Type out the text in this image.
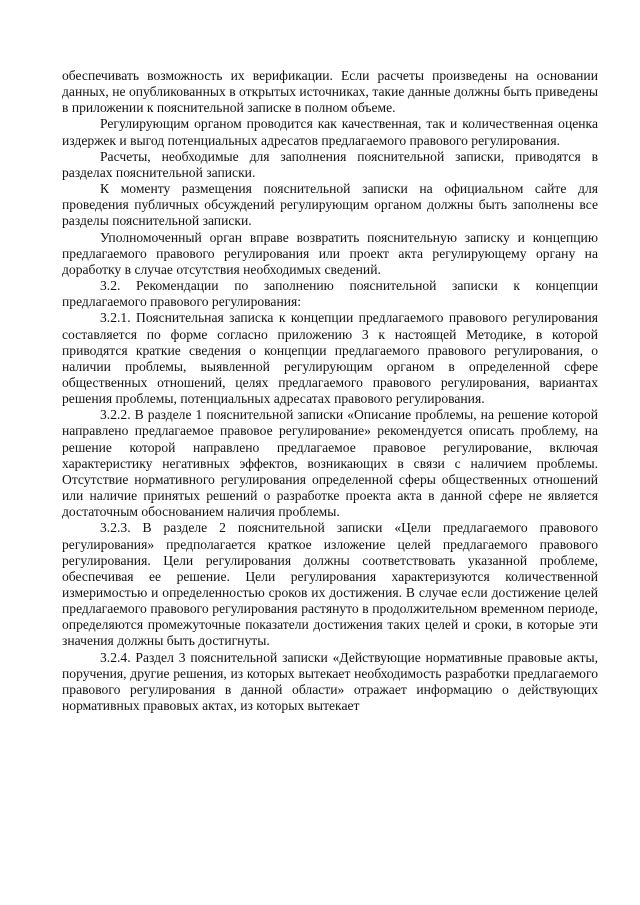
обеспечивать возможность их верификации. Если расчеты произведены на основании данных, не опубликованных в открытых источниках, такие данные должны быть приведены в приложении к пояснительной записке в полном объеме.

Регулирующим органом проводится как качественная, так и количественная оценка издержек и выгод потенциальных адресатов предлагаемого правового регулирования.

Расчеты, необходимые для заполнения пояснительной записки, приводятся в разделах пояснительной записки.

К моменту размещения пояснительной записки на официальном сайте для проведения публичных обсуждений регулирующим органом должны быть заполнены все разделы пояснительной записки.

Уполномоченный орган вправе возвратить пояснительную записку и концепцию предлагаемого правового регулирования или проект акта регулирующему органу на доработку в случае отсутствия необходимых сведений.

3.2. Рекомендации по заполнению пояснительной записки к концепции предлагаемого правового регулирования:

3.2.1. Пояснительная записка к концепции предлагаемого правового регулирования составляется по форме согласно приложению 3 к настоящей Методике, в которой приводятся краткие сведения о концепции предлагаемого правового регулирования, о наличии проблемы, выявленной регулирующим органом в определенной сфере общественных отношений, целях предлагаемого правового регулирования, вариантах решения проблемы, потенциальных адресатах правового регулирования.

3.2.2. В разделе 1 пояснительной записки «Описание проблемы, на решение которой направлено предлагаемое правовое регулирование» рекомендуется описать проблему, на решение которой направлено предлагаемое правовое регулирование, включая характеристику негативных эффектов, возникающих в связи с наличием проблемы. Отсутствие нормативного регулирования определенной сферы общественных отношений или наличие принятых решений о разработке проекта акта в данной сфере не является достаточным обоснованием наличия проблемы.

3.2.3. В разделе 2 пояснительной записки «Цели предлагаемого правового регулирования» предполагается краткое изложение целей предлагаемого правового регулирования. Цели регулирования должны соответствовать указанной проблеме, обеспечивая ее решение. Цели регулирования характеризуются количественной измеримостью и определенностью сроков их достижения. В случае если достижение целей предлагаемого правового регулирования растянуто в продолжительном временном периоде, определяются промежуточные показатели достижения таких целей и сроки, в которые эти значения должны быть достигнуты.

3.2.4. Раздел 3 пояснительной записки «Действующие нормативные правовые акты, поручения, другие решения, из которых вытекает необходимость разработки предлагаемого правового регулирования в данной области» отражает информацию о действующих нормативных правовых актах, из которых вытекает
